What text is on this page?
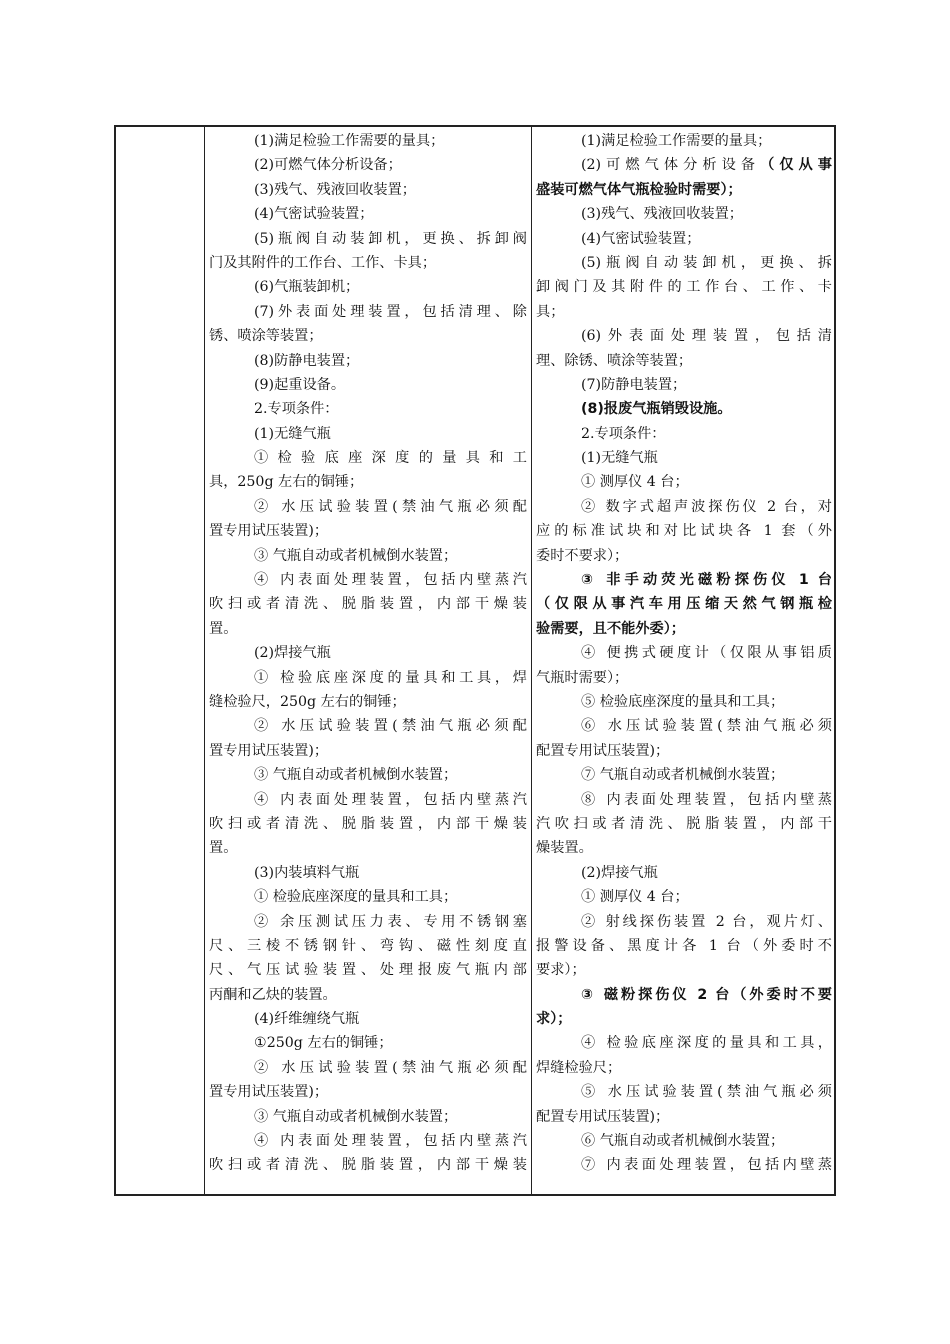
(1)满足检验工作需要的量具；
(2)可燃气体分析设备；
(3)残气、残液回收装置；
(4)气密试验装置；
(5)瓶阀自动装卸机，更换、拆卸阀
门及其附件的工作台、工作、卡具；
(6)气瓶装卸机；
(7)外表面处理装置，包括清理、除
锈、喷涂等装置；
(8)防静电装置；
(9)起重设备。
2.专项条件：
(1)无缝气瓶
① 检 验 底 座 深 度 的 量 具 和 工
具，250g 左右的铜锤；
② 水压试验装置(禁油气瓶必须配
置专用试压装置)；
③ 气瓶自动或者机械倒水装置；
④ 内表面处理装置，包括内壁蒸汽
吹扫或者清洗、脱脂装置，内部干燥装
置。
(2)焊接气瓶
① 检验底座深度的量具和工具，焊
缝检验尺，250g 左右的铜锤；
② 水压试验装置(禁油气瓶必须配
置专用试压装置)；
③ 气瓶自动或者机械倒水装置；
④ 内表面处理装置，包括内壁蒸汽
吹扫或者清洗、脱脂装置，内部干燥装
置。
(3)内装填料气瓶
① 检验底座深度的量具和工具；
② 余压测试压力表、专用不锈钢塞
尺、三棱不锈钢针、弯钩、磁性刻度直
尺、气压试验装置、处理报废气瓶内部
丙酮和乙炔的装置。
(4)纤维缠绕气瓶
①250g 左右的铜锤；
② 水压试验装置(禁油气瓶必须配
置专用试压装置)；
③ 气瓶自动或者机械倒水装置；
④ 内表面处理装置，包括内壁蒸汽
吹扫或者清洗、脱脂装置，内部干燥装
(1)满足检验工作需要的量具；
(2)可燃气体分析设备（仅从事
盛装可燃气体气瓶检验时需要）；
(3)残气、残液回收装置；
(4)气密试验装置；
(5)瓶阀自动装卸机，更换、拆
卸阀门及其附件的工作台、工作、卡
具；
(6)外表面处理装置，包括清
理、除锈、喷涂等装置；
(7)防静电装置；
(8)报废气瓶销毁设施。
2.专项条件：
(1)无缝气瓶
① 测厚仪 4 台；
② 数字式超声波探伤仪 2 台，对
应的标准试块和对比试块各 1 套（外
委时不要求）；
③ 非手动荧光磁粉探伤仪 1 台
（仅限从事汽车用压缩天然气钢瓶检
验需要，且不能外委）；
④ 便携式硬度计（仅限从事铝质
气瓶时需要）；
⑤ 检验底座深度的量具和工具；
⑥ 水压试验装置(禁油气瓶必须
配置专用试压装置)；
⑦ 气瓶自动或者机械倒水装置；
⑧ 内表面处理装置，包括内壁蒸
汽吹扫或者清洗、脱脂装置，内部干
燥装置。
(2)焊接气瓶
① 测厚仪 4 台；
② 射线探伤装置 2 台，观片灯、
报警设备、黑度计各 1 台（外委时不
要求）；
③ 磁粉探伤仪 2 台（外委时不要
求）；
④ 检验底座深度的量具和工具，
焊缝检验尺；
⑤ 水压试验装置(禁油气瓶必须
配置专用试压装置)；
⑥ 气瓶自动或者机械倒水装置；
⑦ 内表面处理装置，包括内壁蒸
